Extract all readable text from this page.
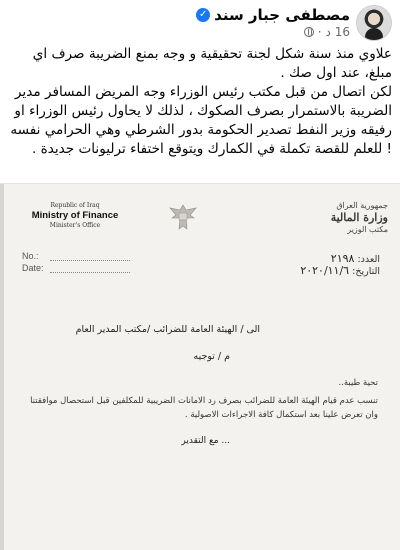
مصطفى جبار سند
✓
16 د
·

علاوي منذ سنة شكل لجنة تحقيقية و وجه بمنع الضريبة صرف اي مبلغ، عند اول صك .

لكن اتصال من قبل مكتب رئيس الوزراء وجه المريض المسافر مدير الضريبة بالاستمرار بصرف الصكوك ، لذلك لا يحاول رئيس الوزراء او رفيقه وزير النفط تصدير الحكومة بدور الشرطي وهي الحرامي نفسه ! للعلم للقصة تكملة في الكمارك ويتوقع اختفاء ترليونات جديدة .

Republic of Iraq
Ministry of Finance
Minister's Office
جمهورية العراق
وزارة المالية
مكتب الوزير
No.:
Date:
العدد: ٢١٩٨
التاريخ: ٢٠٢٠/١١/٦
الى / الهيئة العامة للضرائب /مكتب المدير العام
م / توجيه
تحية طيبة..
تنسب عدم قيام الهيئة العامة للضرائب بصرف رد الامانات الضريبية للمكلفين قبل استحصال موافقتنا وان تعرض علينا بعد استكمال كافة الاجراءات الاصولية .
... مع التقدير
